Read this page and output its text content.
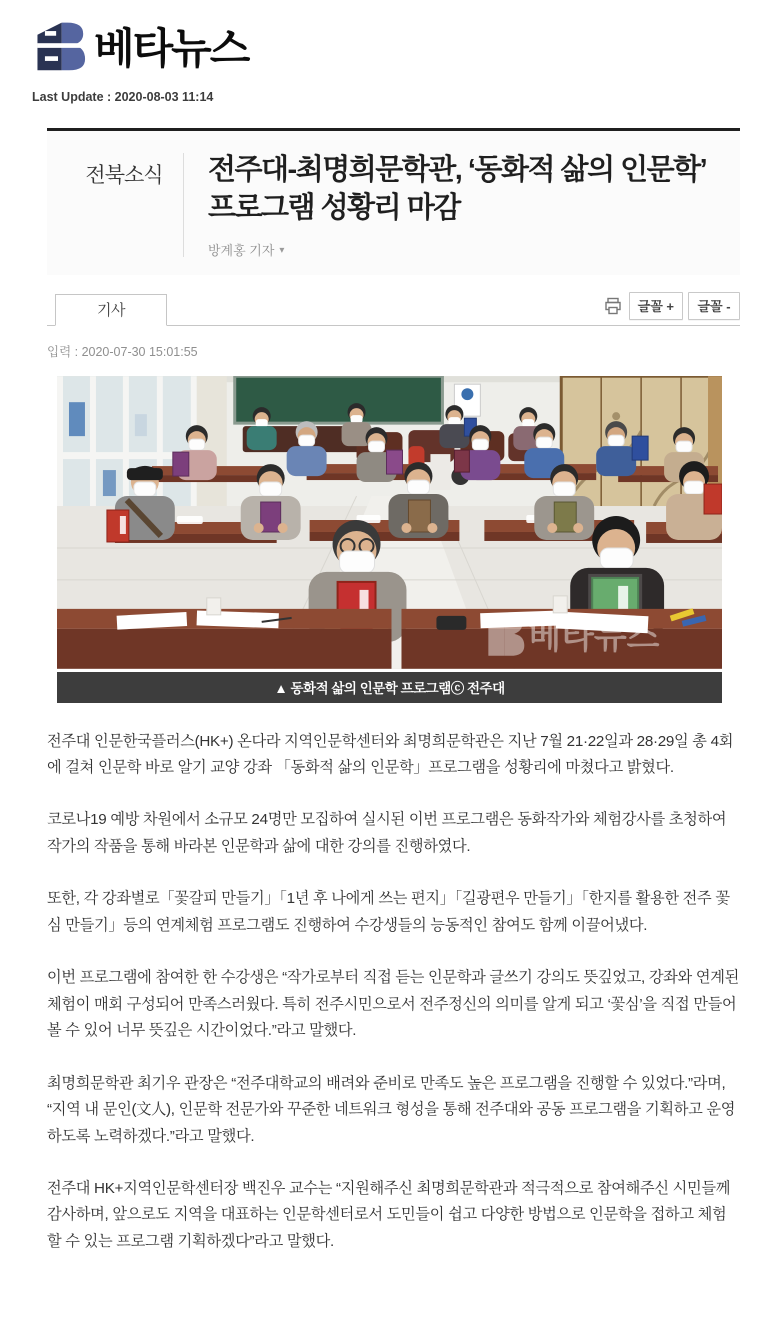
베타뉴스
Last Update : 2020-08-03 11:14
전북소식	전주대-최명희문학관, ‘동화적 삶의 인문학’ 프로그램 성황리 마감
방계홍 기자 ▾
기사	글꼴 +	글꼴 -
입력 : 2020-07-30 15:01:55
베타뉴스
▲ 동화적 삶의 인문학 프로그램ⓒ 전주대

전주대 인문한국플러스(HK+) 온다라 지역인문학센터와 최명희문학관은 지난 7월 21·22일과 28·29일 총 4회에 걸쳐 인문학 바로 알기 교양 강좌 「동화적 삶의 인문학」프로그램을 성황리에 마쳤다고 밝혔다.

코로나19 예방 차원에서 소규모 24명만 모집하여 실시된 이번 프로그램은 동화작가와 체험강사를 초청하여 작가의 작품을 통해 바라본 인문학과 삶에 대한 강의를 진행하였다.

또한, 각 강좌별로「꽃갈피 만들기」「1년 후 나에게 쓰는 편지」「길광편우 만들기」「한지를 활용한 전주 꽃심 만들기」등의 연계체험 프로그램도 진행하여 수강생들의 능동적인 참여도 함께 이끌어냈다.

이번 프로그램에 참여한 한 수강생은 “작가로부터 직접 듣는 인문학과 글쓰기 강의도 뜻깊었고, 강좌와 연계된 체험이 매회 구성되어 만족스러웠다. 특히 전주시민으로서 전주정신의 의미를 알게 되고 ‘꽃심’을 직접 만들어 볼 수 있어 너무 뜻깊은 시간이었다.”라고 말했다.

최명희문학관 최기우 관장은 “전주대학교의 배려와 준비로 만족도 높은 프로그램을 진행할 수 있었다.”라며, “지역 내 문인(文人), 인문학 전문가와 꾸준한 네트워크 형성을 통해 전주대와 공동 프로그램을 기획하고 운영하도록 노력하겠다.”라고 말했다.

전주대 HK+지역인문학센터장 백진우 교수는 “지원해주신 최명희문학관과 적극적으로 참여해주신 시민들께 감사하며, 앞으로도 지역을 대표하는 인문학센터로서 도민들이 쉽고 다양한 방법으로 인문학을 접하고 체험할 수 있는 프로그램 기획하겠다”라고 말했다.
